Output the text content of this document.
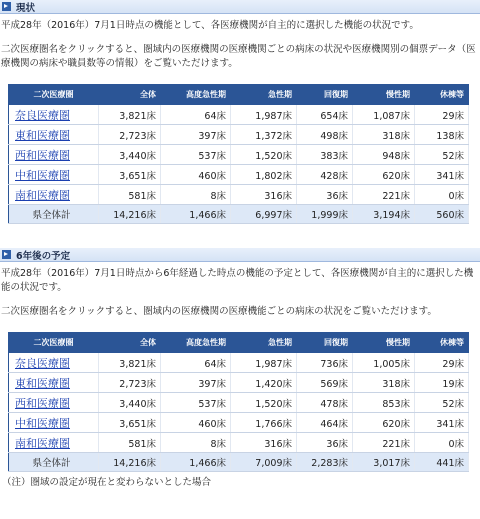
現状

平成28年（2016年）7月1日時点の機能として、各医療機関が自主的に選択した機能の状況です。

二次医療圏名をクリックすると、圏域内の医療機関の医療機関ごとの病床の状況や医療機関別の個票データ（医療機関の病床や職員数等の情報）をご覧いただけます。

二次医療圏	全体	高度急性期	急性期	回復期	慢性期	休棟等
奈良医療圏	3,821床	64床	1,987床	654床	1,087床	29床
東和医療圏	2,723床	397床	1,372床	498床	318床	138床
西和医療圏	3,440床	537床	1,520床	383床	948床	52床
中和医療圏	3,651床	460床	1,802床	428床	620床	341床
南和医療圏	581床	8床	316床	36床	221床	0床
県全体計	14,216床	1,466床	6,997床	1,999床	3,194床	560床
6年後の予定

平成28年（2016年）7月1日時点から6年経過した時点の機能の予定として、各医療機関が自主的に選択した機能の状況です。

二次医療圏名をクリックすると、圏域内の医療機関の医療機能ごとの病床の状況をご覧いただけます。

二次医療圏	全体	高度急性期	急性期	回復期	慢性期	休棟等
奈良医療圏	3,821床	64床	1,987床	736床	1,005床	29床
東和医療圏	2,723床	397床	1,420床	569床	318床	19床
西和医療圏	3,440床	537床	1,520床	478床	853床	52床
中和医療圏	3,651床	460床	1,766床	464床	620床	341床
南和医療圏	581床	8床	316床	36床	221床	0床
県全体計	14,216床	1,466床	7,009床	2,283床	3,017床	441床

（注）圏域の設定が現在と変わらないとした場合
